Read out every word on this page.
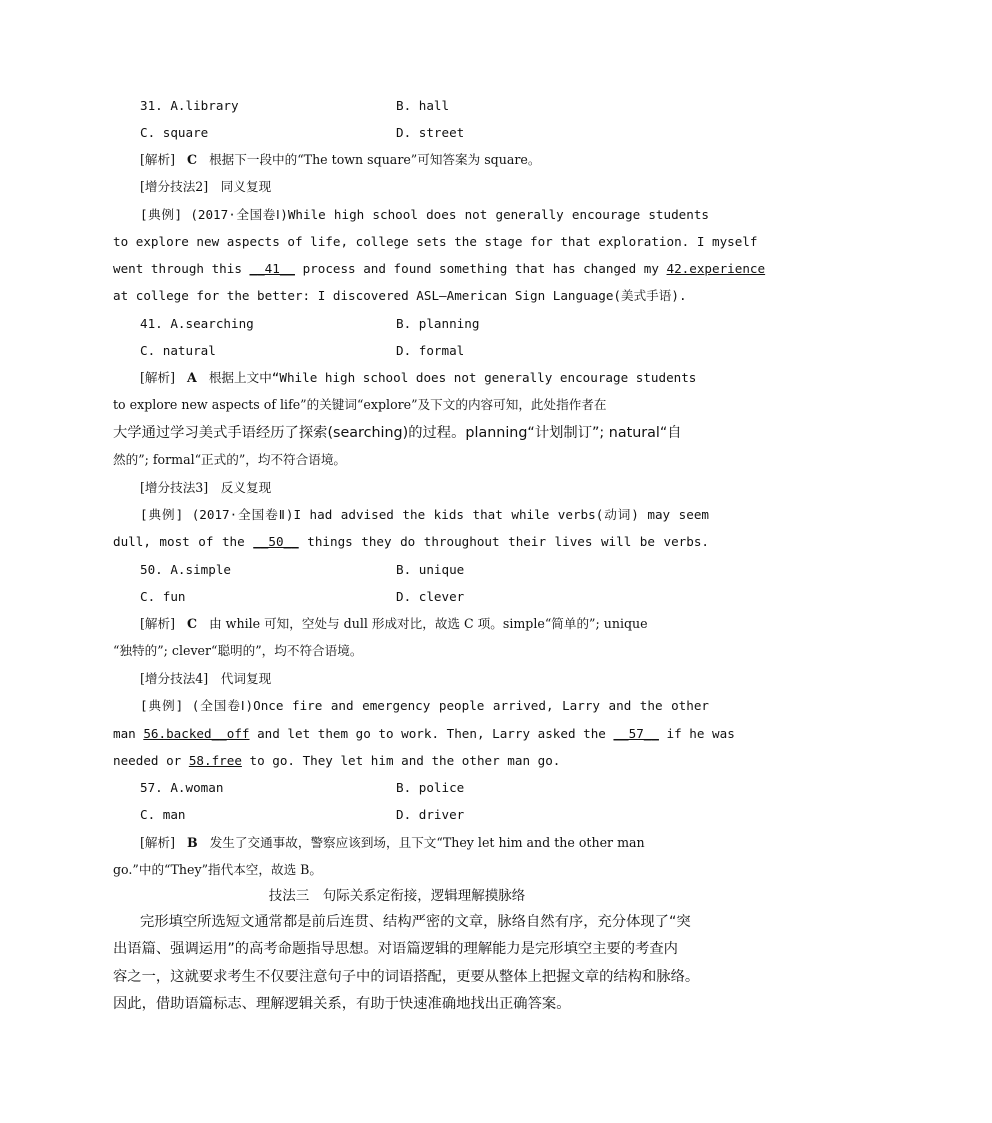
31. A.library	B. hall
C. square	D. street
[解析] C 根据下一段中的“The town square”可知答案为 square。
[增分技法2]　同义复现
[典例] (2017·全国卷Ⅰ)While high school does not generally encourage students
to explore new aspects of life, college sets the stage for that exploration. I myself
went through this __41__ process and found something that has changed my 42.experience
at college for the better: I discovered ASL—American Sign Language(美式手语).
41. A.searching	B. planning
C. natural	D. formal
[解析] A 根据上文中“While high school does not generally encourage students
to explore new aspects of life”的关键词“explore”及下文的内容可知，此处指作者在
大学通过学习美式手语经历了探索(searching)的过程。planning“计划制订”; natural“自
然的”; formal“正式的”，均不符合语境。
[增分技法3]　反义复现
[典例] (2017·全国卷Ⅱ)I had advised the kids that while verbs(动词) may seem
dull, most of the __50__ things they do throughout their lives will be verbs.
50. A.simple	B. unique
C. fun	D. clever
[解析] C 由 while 可知，空处与 dull 形成对比，故选 C 项。simple“简单的”; unique
“独特的”; clever“聪明的”，均不符合语境。
[增分技法4]　代词复现
[典例] (全国卷Ⅰ)Once fire and emergency people arrived, Larry and the other
man 56.backed__off and let them go to work. Then, Larry asked the __57__ if he was
needed or 58.free to go. They let him and the other man go.
57. A.woman	B. police
C. man	D. driver
[解析] B 发生了交通事故，警察应该到场，且下文“They let him and the other man
go.”中的“They”指代本空，故选 B。
技法三　句际关系定衔接，逻辑理解摸脉络
完形填空所选短文通常都是前后连贯、结构严密的文章，脉络自然有序，充分体现了“突
出语篇、强调运用”的高考命题指导思想。对语篇逻辑的理解能力是完形填空主要的考查内
容之一，这就要求考生不仅要注意句子中的词语搭配，更要从整体上把握文章的结构和脉络。
因此，借助语篇标志、理解逻辑关系，有助于快速准确地找出正确答案。
